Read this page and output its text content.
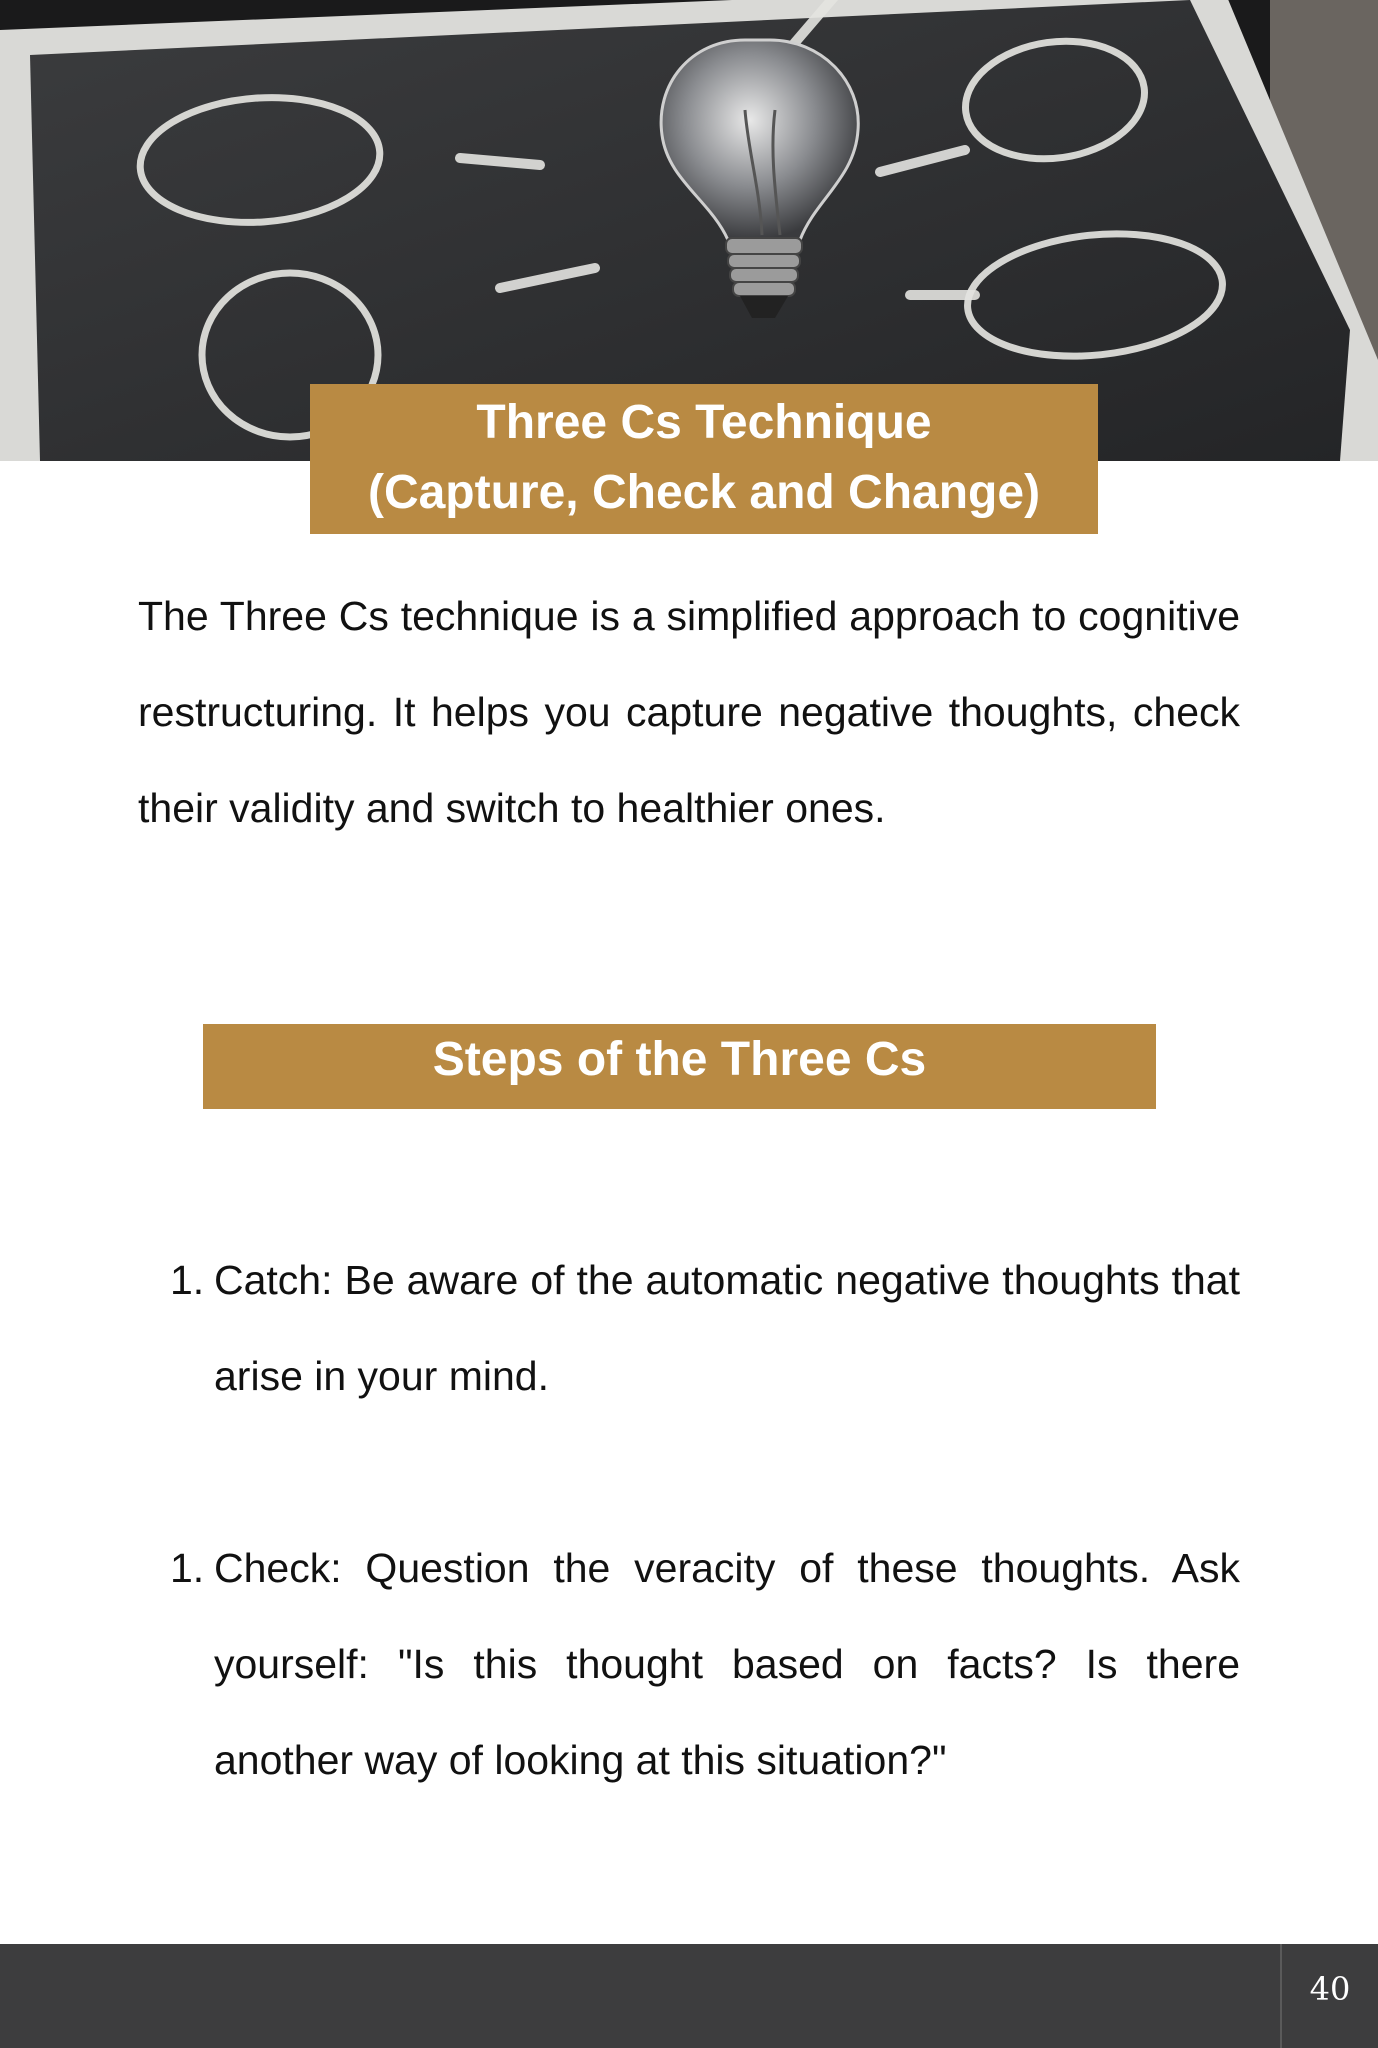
Three Cs Technique
(Capture, Check and Change)

The Three Cs technique is a simplified approach to cognitive restructuring. It helps you capture negative thoughts, check their validity and switch to healthier ones.

Steps of the Three Cs
1. Catch: Be aware of the automatic negative thoughts that arise in your mind.
1. Check: Question the veracity of these thoughts. Ask yourself: "Is this thought based on facts? Is there another way of looking at this situation?"
40
